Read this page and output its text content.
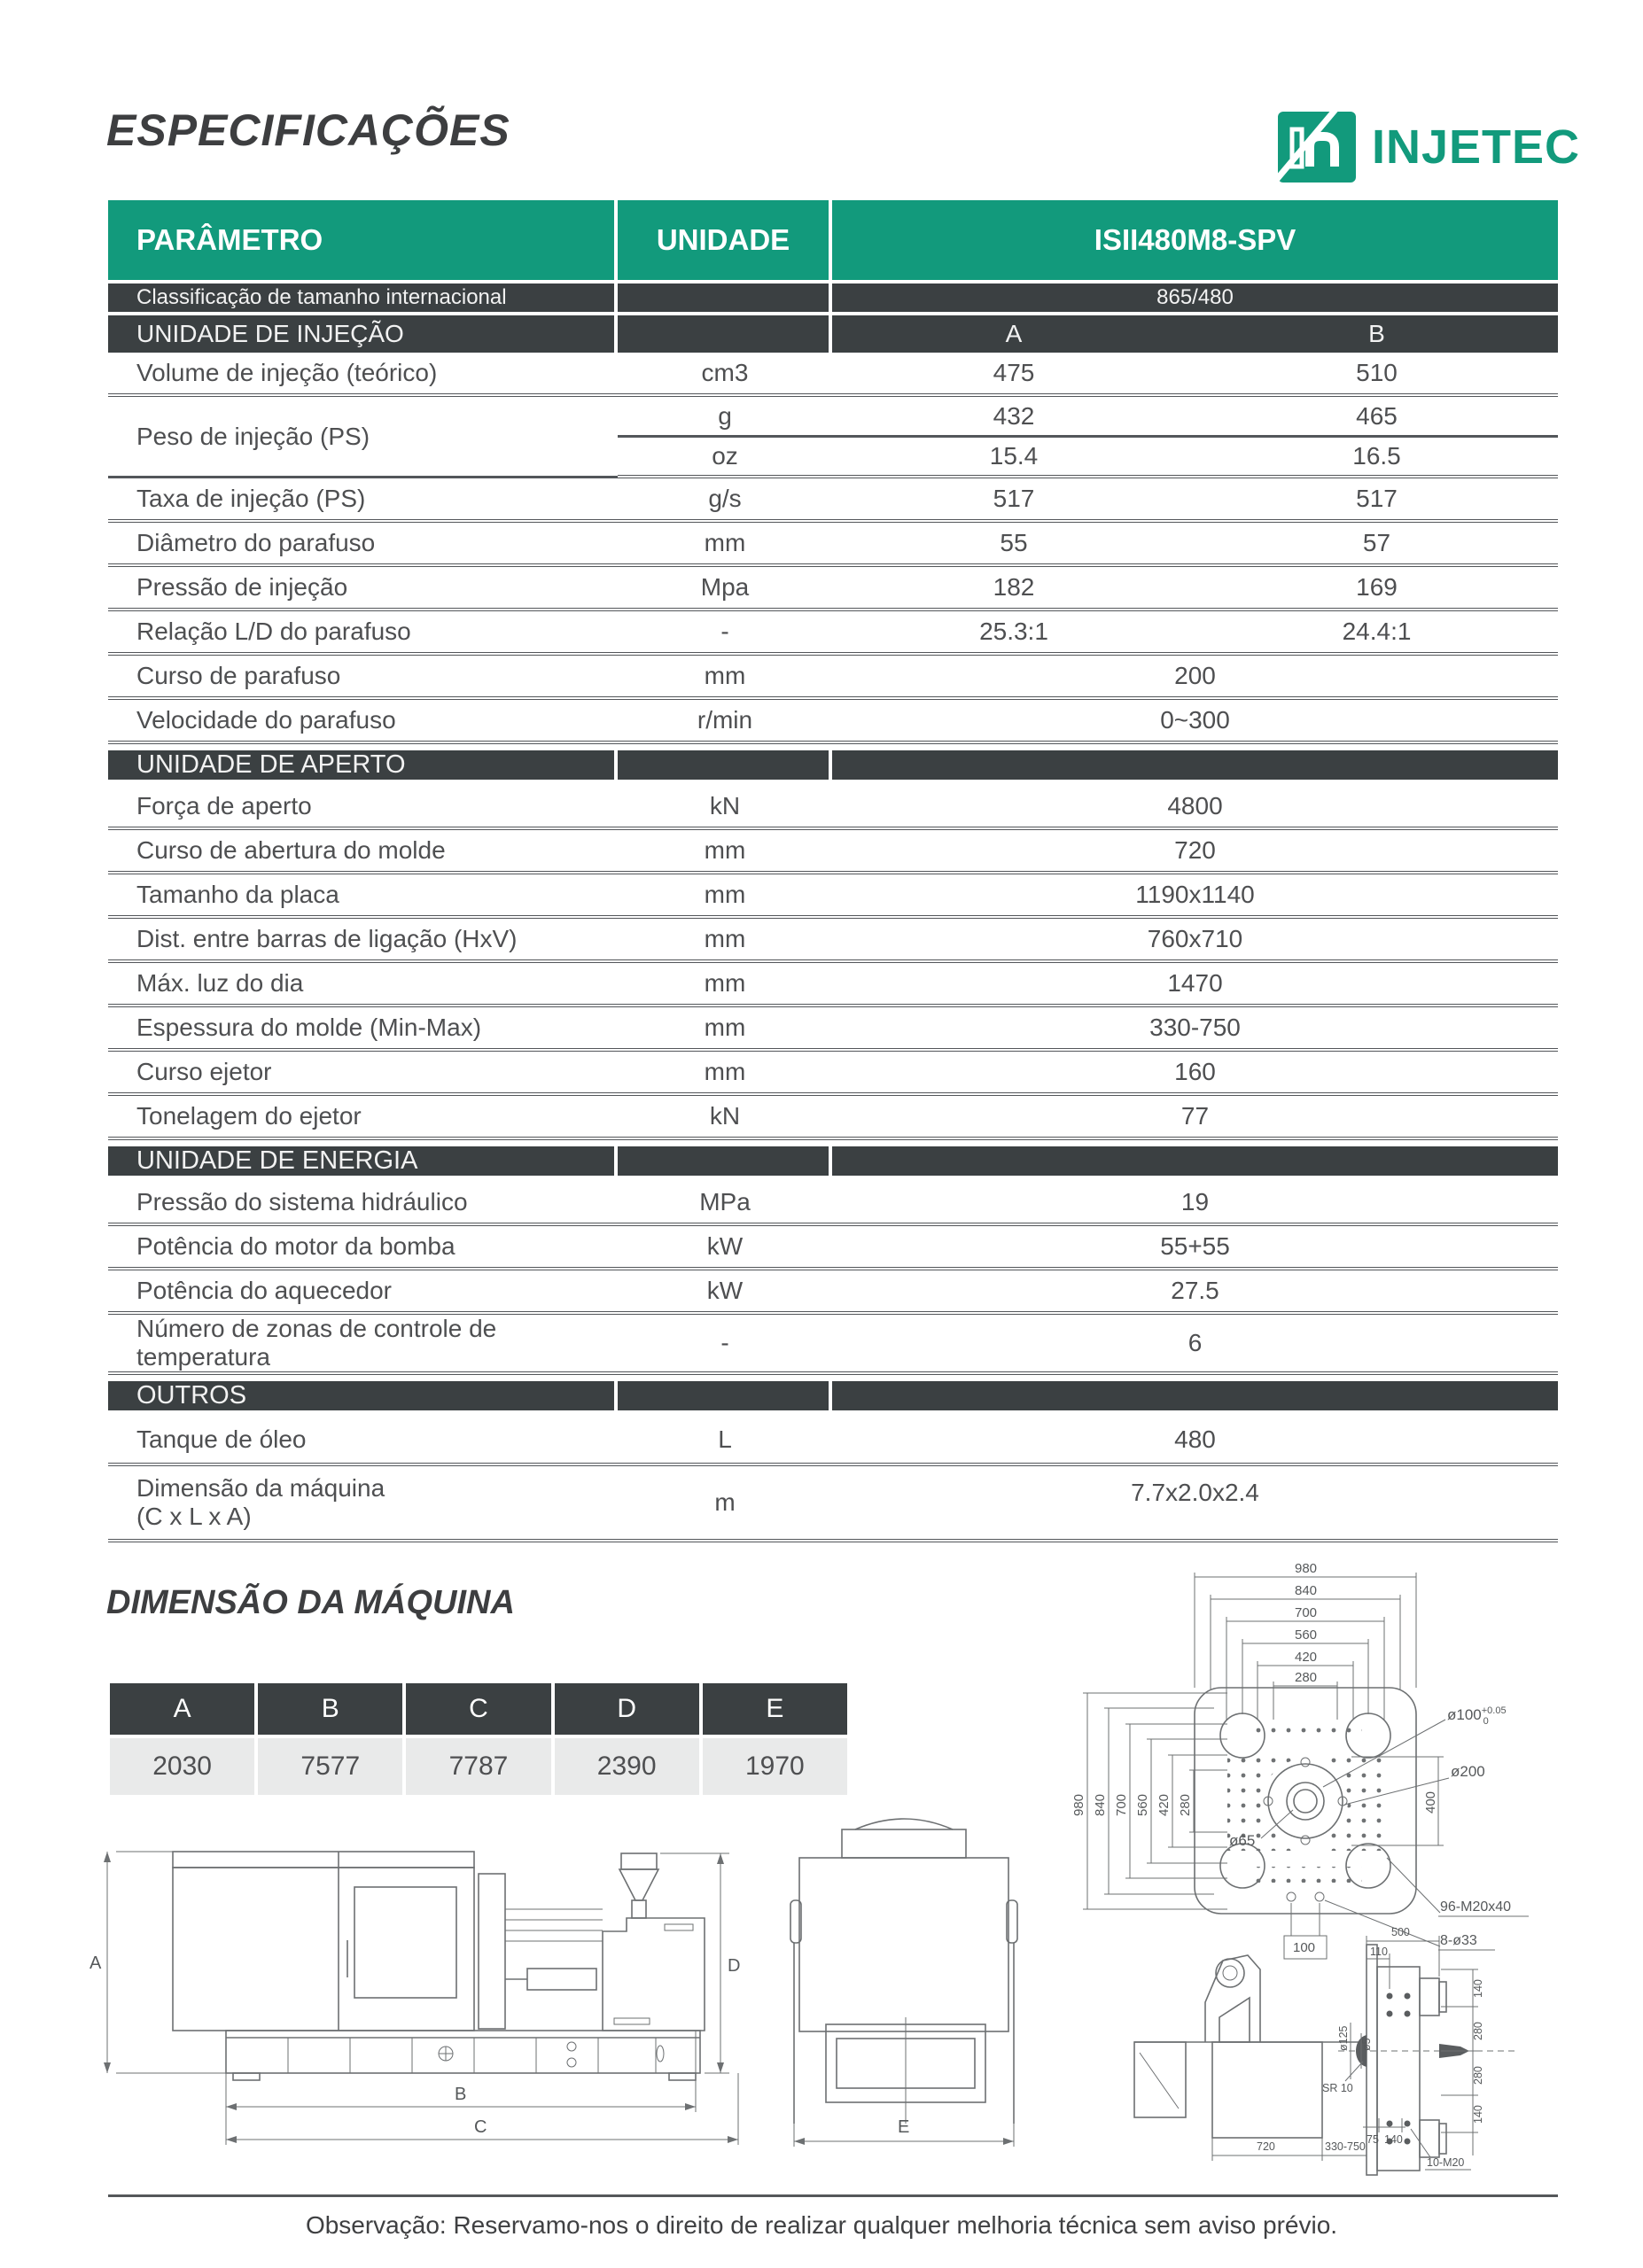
ESPECIFICAÇÕES	INJETEC
PARÂMETRO	UNIDADE	ISII480M8-SPV	
Classificação de tamanho internacional		865/480	
UNIDADE DE INJEÇÃO		A	B
Volume de injeção (teórico)	cm3	475	510
Peso de injeção (PS)	g	432	465
	oz	15.4	16.5
Taxa de injeção (PS)	g/s	517	517
Diâmetro do parafuso	mm	55	57
Pressão de injeção	Mpa	182	169
Relação L/D do parafuso	-	25.3:1	24.4:1
Curso de parafuso	mm	200	
Velocidade do parafuso	r/min	0~300	
UNIDADE DE APERTO			
Força de aperto	kN	4800	
Curso de abertura do molde	mm	720	
Tamanho da placa	mm	1190x1140	
Dist. entre barras de ligação (HxV)	mm	760x710	
Máx. luz do dia	mm	1470	
Espessura do molde (Min-Max)	mm	330-750	
Curso ejetor	mm	160	
Tonelagem do ejetor	kN	77	
UNIDADE DE ENERGIA			
Pressão do sistema hidráulico	MPa	19	
Potência do motor da bomba	kW	55+55	
Potência do aquecedor	kW	27.5	
Número de zonas de controle de temperatura	-	6	
OUTROS			
Tanque de óleo	L	480	

Dimensão da máquina
(C x L x A)	m	7.7x2.0x2.4	
DIMENSÃO DA MÁQUINA
A	B	C	D	E
2030	7577	7787	2390	1970
A	D
B
C	E
980
840
700
560
420
280
980 840 700 560 420 280	400
$ø100^{+0.05}$ 0
ø200
ø65
96-M20x40
8-ø33
100
500
110
140
280
280
140
720	330-750
75 140
10-M20
SR 10
ø125 ø5
Observação: Reservamo-nos o direito de realizar qualquer melhoria técnica sem aviso prévio.
